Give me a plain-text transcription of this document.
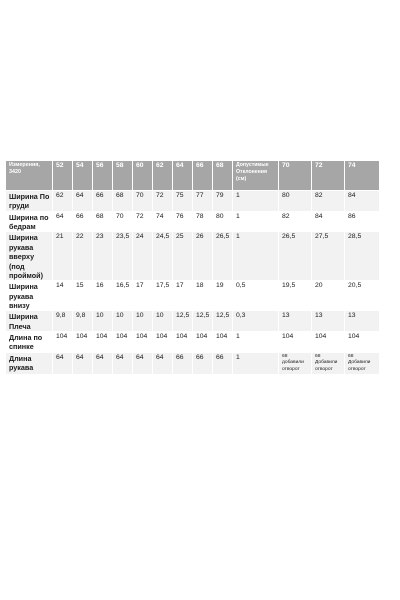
Измерения, 3420	52	54	56	58	60	62	64	66	68	Допустимые Отклонения (см)	70	72	74
Ширина По груди	62	64	66	68	70	72	75	77	79	1	80	82	84
Ширина по бедрам	64	66	68	70	72	74	76	78	80	1	82	84	86
Ширина рукава вверху (под проймой)	21	22	23	23,5	24	24,5	25	26	26,5	1	26,5	27,5	28,5
Ширина рукава внизу	14	15	16	16,5	17	17,5	17	18	19	0,5	19,5	20	20,5
Ширина Плеча	9,8	9,8	10	10	10	10	12,5	12,5	12,5	0,3	13	13	13
Длина по спинке	104	104	104	104	104	104	104	104	104	1	104	104	104
Длина рукава	64	64	64	64	64	64	66	66	66	1	68 добавили отворот	68 Добавили отворот	68 Добавили отворот
